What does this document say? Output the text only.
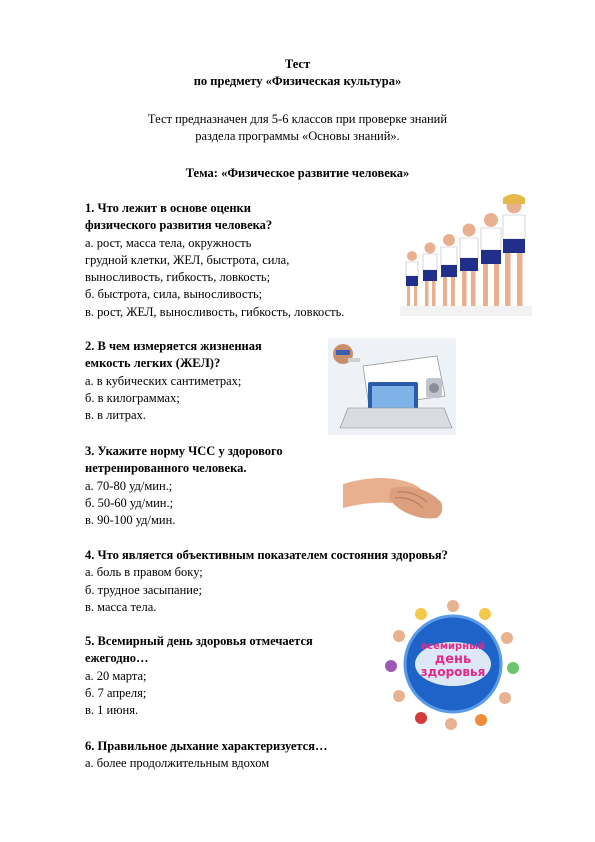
Тест
по предмету «Физическая культура»
Тест предназначен для 5-6 классов при проверке знаний
раздела программы «Основы знаний».
Тема: «Физическое развитие человека»
1. Что лежит в основе оценки
физического развития человека?
а. рост, масса тела, окружность
грудной клетки, ЖЕЛ, быстрота, сила,
выносливость, гибкость, ловкость;
б. быстрота, сила, выносливость;
в. рост, ЖЕЛ, выносливость, гибкость, ловкость.
2. В чем измеряется жизненная
емкость легких (ЖЕЛ)?
а. в кубических сантиметрах;
б. в килограммах;
в. в литрах.
3. Укажите норму ЧСС у здорового
нетренированного человека.
а. 70-80 уд/мин.;
б. 50-60 уд/мин.;
в. 90-100 уд/мин.
4. Что является объективным показателем состояния здоровья?
а. боль в правом боку;
б. трудное засыпание;
в. масса тела.
5. Всемирный день здоровья отмечается
ежегодно…
а. 20 марта;
б. 7 апреля;
в. 1 июня.
6. Правильное дыхание характеризуется…
а. более продолжительным вдохом
всемирный
день
здоровья
